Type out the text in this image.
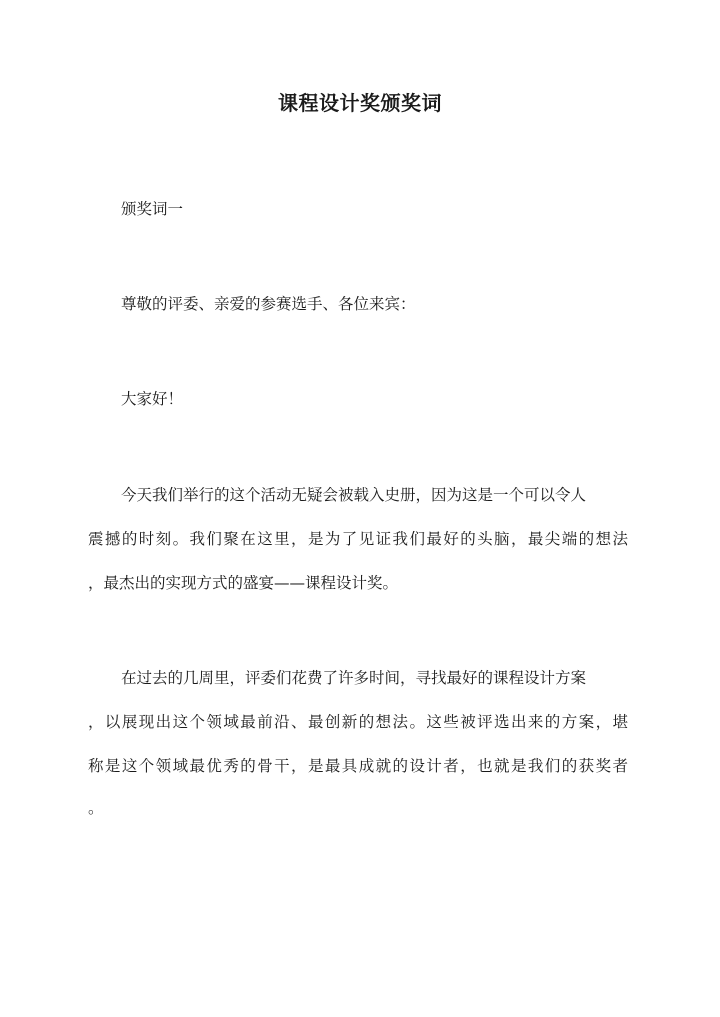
课程设计奖颁奖词
颁奖词一
尊敬的评委、亲爱的参赛选手、各位来宾：
大家好！
今天我们举行的这个活动无疑会被载入史册，因为这是一个可以令人
震撼的时刻。我们聚在这里，是为了见证我们最好的头脑，最尖端的想法
，最杰出的实现方式的盛宴——课程设计奖。
在过去的几周里，评委们花费了许多时间，寻找最好的课程设计方案
，以展现出这个领域最前沿、最创新的想法。这些被评选出来的方案，堪
称是这个领域最优秀的骨干，是最具成就的设计者，也就是我们的获奖者
。
